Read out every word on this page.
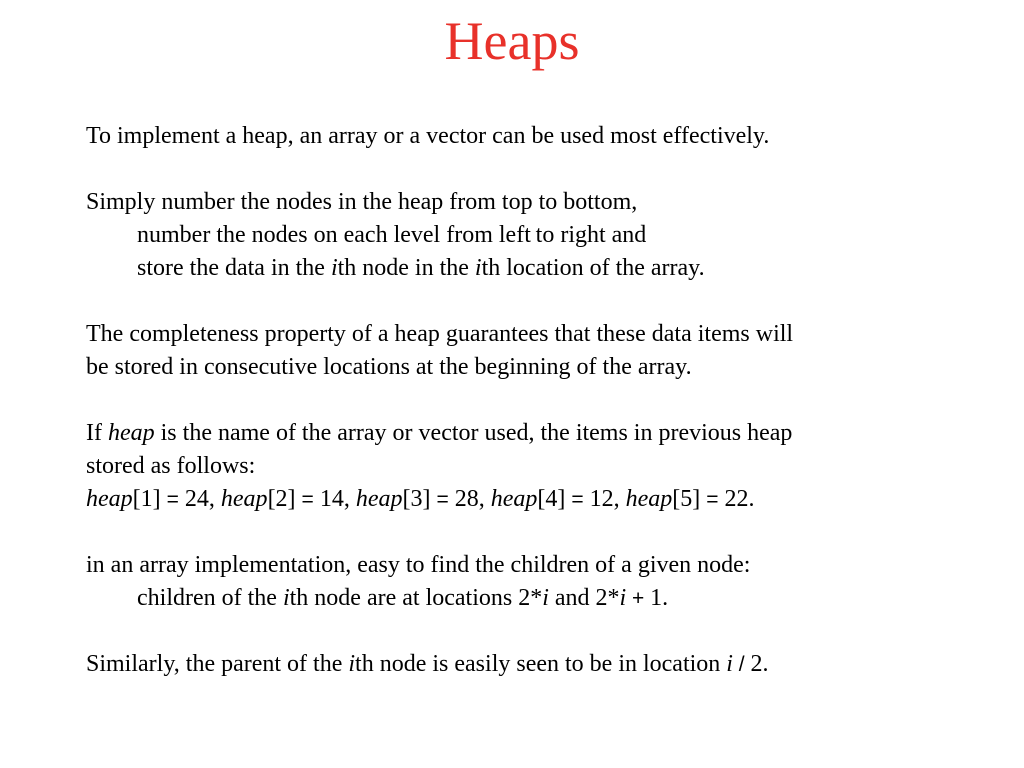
Heaps
To implement a heap, an array or a vector can be used most effectively.
Simply number the nodes in the heap from top to bottom,
number the nodes on each level from left to right and
store the data in the ith node in the ith location of the array.
The completeness property of a heap guarantees that these data items will
be stored in consecutive locations at the beginning of the array.
If heap is the name of the array or vector used, the items in previous heap
stored as follows:
heap[1] = 24, heap[2] = 14, heap[3] = 28, heap[4] = 12, heap[5] = 22.
in an array implementation, easy to find the children of a given node:
children of the ith node are at locations 2*i and 2*i + 1.
Similarly, the parent of the ith node is easily seen to be in location i / 2.
